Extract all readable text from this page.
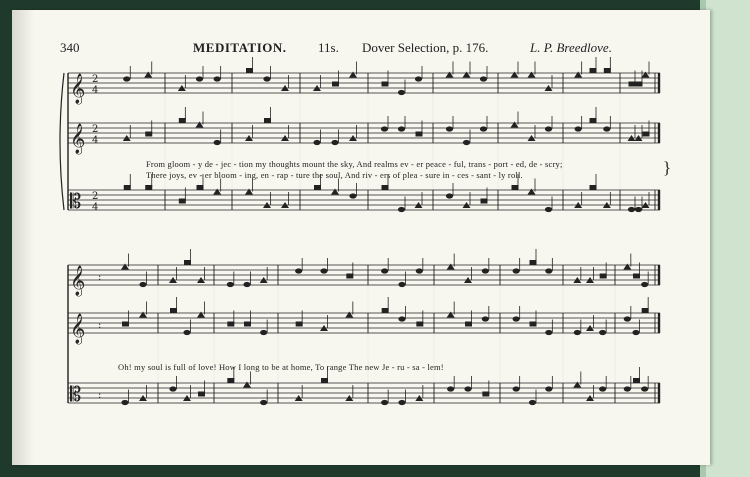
340	MEDITATION. 11s. Dover Selection, p. 176.	L. P. Breedlove.
𝄞 2
4
𝄞 2
4
𝄡 2
4
𝄞 :
𝄞 :
𝄡 :
From gloom - y de - jec - tion my thoughts mount the sky, And realms ev - er peace - ful, trans - port - ed, de - scry;
There joys, ev - er bloom - ing, en - rap - ture the soul, And riv - ers of plea - sure in - ces - sant - ly roll.
Oh! my soul is full of love! How I long to be at home, To range The new Je - ru - sa - lem!
}
